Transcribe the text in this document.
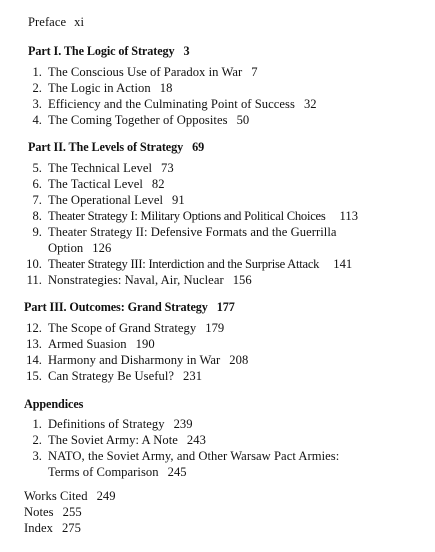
Preface xi
Part I. The Logic of Strategy 3
1. The Conscious Use of Paradox in War 7
2. The Logic in Action 18
3. Efficiency and the Culminating Point of Success 32
4. The Coming Together of Opposites 50
Part II. The Levels of Strategy 69
5. The Technical Level 73
6. The Tactical Level 82
7. The Operational Level 91
8. Theater Strategy I: Military Options and Political Choices 113
9. Theater Strategy II: Defensive Formats and the Guerrilla
Option 126
10. Theater Strategy III: Interdiction and the Surprise Attack 141
11. Nonstrategies: Naval, Air, Nuclear 156
Part III. Outcomes: Grand Strategy 177
12. The Scope of Grand Strategy 179
13. Armed Suasion 190
14. Harmony and Disharmony in War 208
15. Can Strategy Be Useful? 231
Appendices
1. Definitions of Strategy 239
2. The Soviet Army: A Note 243
3. NATO, the Soviet Army, and Other Warsaw Pact Armies:
Terms of Comparison 245
Works Cited 249
Notes 255
Index 275
